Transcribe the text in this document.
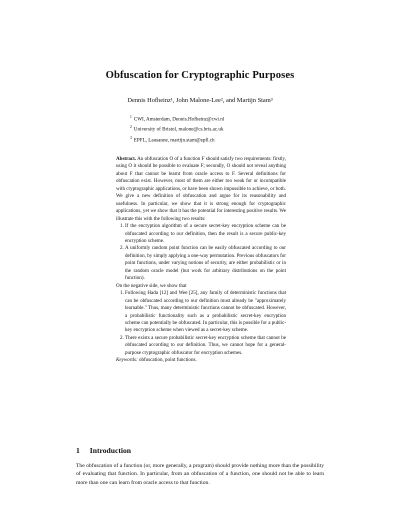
Obfuscation for Cryptographic Purposes
Dennis Hofheinz¹, John Malone-Lee², and Martijn Stam³
$^1$ CWI, Amsterdam, Dennis.Hofheinz@cwi.nl
$^2$ University of Bristol, malone@cs.bris.ac.uk
$^3$ EPFL, Lausanne, martijn.stam@epfl.ch

Abstract. An obfuscation O of a function F should satisfy two requirements: firstly, using O it should be possible to evaluate F; secondly, O should not reveal anything about F that cannot be learnt from oracle access to F. Several definitions for obfuscation exist. However, most of them are either too weak for or incompatible with cryptographic applications, or have been shown impossible to achieve, or both.

We give a new definition of obfuscation and argue for its reasonability and usefulness. In particular, we show that it is strong enough for cryptographic applications, yet we show that it has the potential for interesting positive results. We illustrate this with the following two results:

1. If the encryption algorithm of a secure secret-key encryption scheme can be obfuscated according to our definition, then the result is a secure public-key encryption scheme.
2. A uniformly random point function can be easily obfuscated according to our definition, by simply applying a one-way permutation. Previous obfuscators for point functions, under varying notions of security, are either probabilistic or in the random oracle model (but work for arbitrary distributions on the point function).

On the negative side, we show that

1. Following Hada [12] and Wee [25], any family of deterministic functions that can be obfuscated according to our definition must already be "approximately learnable." Thus, many deterministic functions cannot be obfuscated. However, a probabilistic functionality such as a probabilistic secret-key encryption scheme can potentially be obfuscated. In particular, this is possible for a public-key encryption scheme when viewed as a secret-key scheme.
2. There exists a secure probabilistic secret-key encryption scheme that cannot be obfuscated according to our definition. Thus, we cannot hope for a general-purpose cryptographic obfuscator for encryption schemes.

Keywords: obfuscation, point functions.

1 Introduction
The obfuscation of a function (or, more generally, a program) should provide nothing more than the possibility of evaluating that function. In particular, from an obfuscation of a function, one should not be able to learn more than one can learn from oracle access to that function.
